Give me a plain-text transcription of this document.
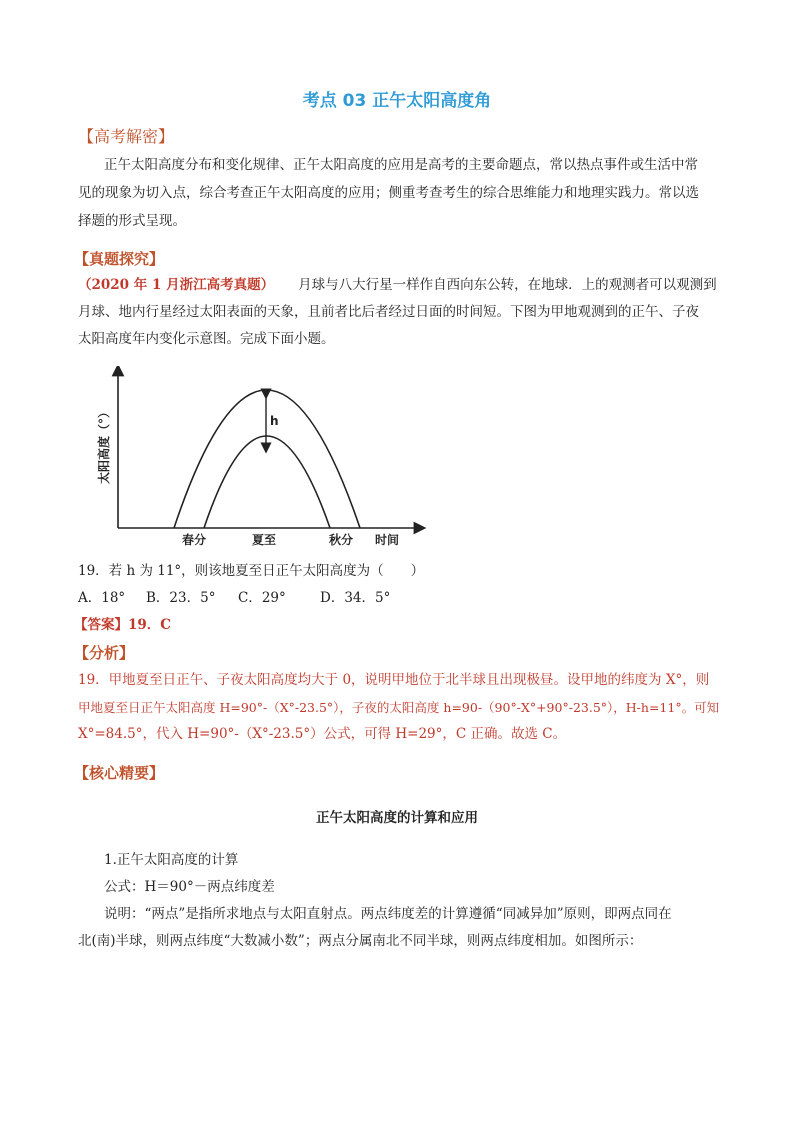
考点 03 正午太阳高度角
【高考解密】
正午太阳高度分布和变化规律、正午太阳高度的应用是高考的主要命题点，常以热点事件或生活中常
见的现象为切入点，综合考查正午太阳高度的应用；侧重考查考生的综合思维能力和地理实践力。常以选
择题的形式呈现。
【真题探究】
（2020 年 1 月浙江高考真题） 月球与八大行星一样作自西向东公转，在地球．上的观测者可以观测到
月球、地内行星经过太阳表面的天象，且前者比后者经过日面的时间短。下图为甲地观测到的正午、子夜
太阳高度年内变化示意图。完成下面小题。
h
春分	夏至	秋分 时间
太阳高度（°）
19．若 h 为 11°，则该地夏至日正午太阳高度为（　　）
A．18° B．23．5° C．29°	D．34．5°
【答案】19．C
【分析】
19．甲地夏至日正午、子夜太阳高度均大于 0，说明甲地位于北半球且出现极昼。设甲地的纬度为 X°，则
甲地夏至日正午太阳高度 H=90°-（X°-23.5°），子夜的太阳高度 h=90-（90°-X°+90°-23.5°），H-h=11°。可知
X°=84.5°，代入 H=90°-（X°-23.5°）公式，可得 H=29°，C 正确。故选 C。
【核心精要】
正午太阳高度的计算和应用
1.正午太阳高度的计算
公式：H＝90°－两点纬度差
说明：“两点”是指所求地点与太阳直射点。两点纬度差的计算遵循“同减异加”原则，即两点同在
北(南)半球，则两点纬度“大数减小数”；两点分属南北不同半球，则两点纬度相加。如图所示：
